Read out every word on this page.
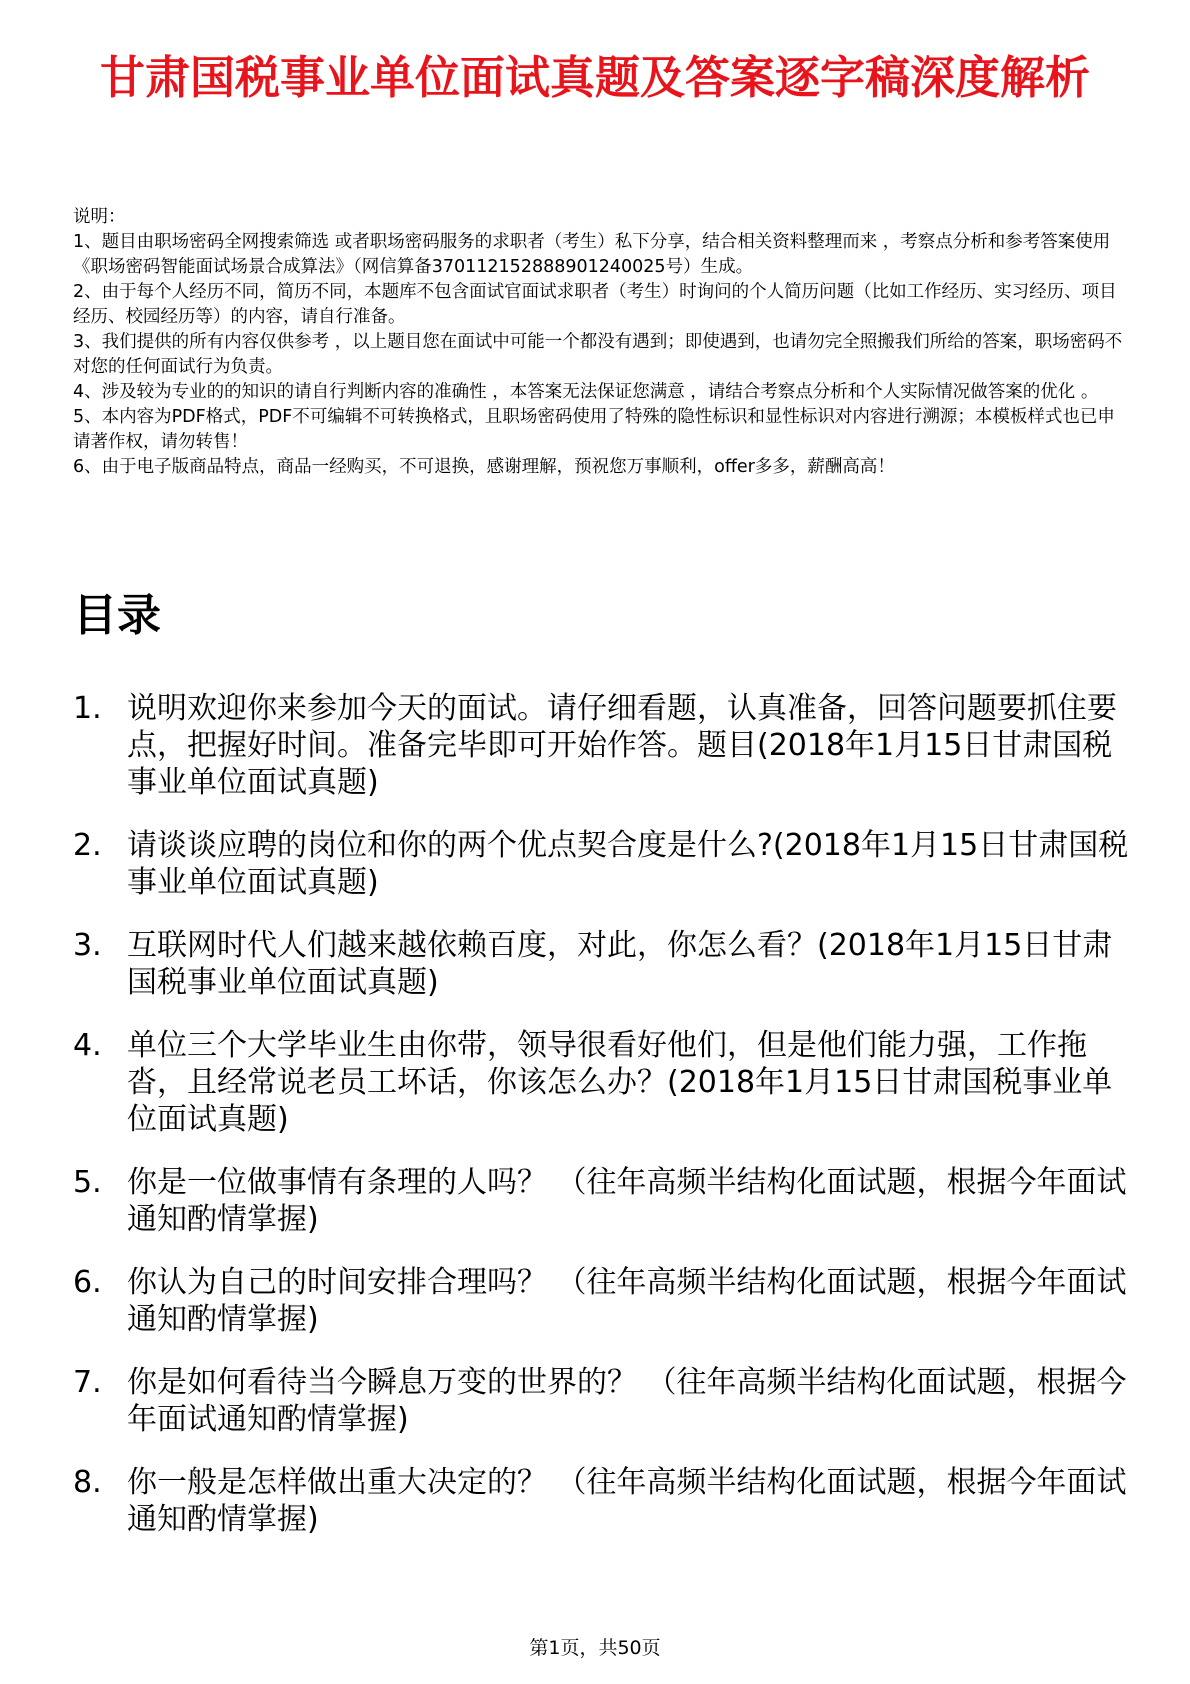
甘肃国税事业单位面试真题及答案逐字稿深度解析

说明：

1、题目由职场密码全网搜索筛选 或者职场密码服务的求职者（考生）私下分享，结合相关资料整理而来 ，考察点分析和参考答案使用《职场密码智能面试场景合成算法》（网信算备370112152888901240025号）生成。

2、由于每个人经历不同，简历不同，本题库不包含面试官面试求职者（考生）时询问的个人简历问题（比如工作经历、实习经历、项目经历、校园经历等）的内容，请自行准备。

3、我们提供的所有内容仅供参考 ，以上题目您在面试中可能一个都没有遇到；即使遇到，也请勿完全照搬我们所给的答案，职场密码不对您的任何面试行为负责。

4、涉及较为专业的的知识的请自行判断内容的准确性 ，本答案无法保证您满意 ，请结合考察点分析和个人实际情况做答案的优化 。

5、本内容为PDF格式，PDF不可编辑不可转换格式，且职场密码使用了特殊的隐性标识和显性标识对内容进行溯源；本模板样式也已申请著作权，请勿转售！

6、由于电子版商品特点，商品一经购买，不可退换，感谢理解，预祝您万事顺利，offer多多，薪酬高高！

目录
1. 说明欢迎你来参加今天的面试。请仔细看题，认真准备，回答问题要抓住要点，把握好时间。准备完毕即可开始作答。题目(2018年1月15日甘肃国税事业单位面试真题)
2. 请谈谈应聘的岗位和你的两个优点契合度是什么?(2018年1月15日甘肃国税事业单位面试真题)
3. 互联网时代人们越来越依赖百度，对此，你怎么看？(2018年1月15日甘肃国税事业单位面试真题)
4. 单位三个大学毕业生由你带，领导很看好他们，但是他们能力强，工作拖沓，且经常说老员工坏话，你该怎么办？(2018年1月15日甘肃国税事业单位面试真题)
5. 你是一位做事情有条理的人吗？ （往年高频半结构化面试题，根据今年面试通知酌情掌握)
6. 你认为自己的时间安排合理吗？ （往年高频半结构化面试题，根据今年面试通知酌情掌握)
7. 你是如何看待当今瞬息万变的世界的？ （往年高频半结构化面试题，根据今年面试通知酌情掌握)
8. 你一般是怎样做出重大决定的？ （往年高频半结构化面试题，根据今年面试通知酌情掌握)
第1页，共50页
